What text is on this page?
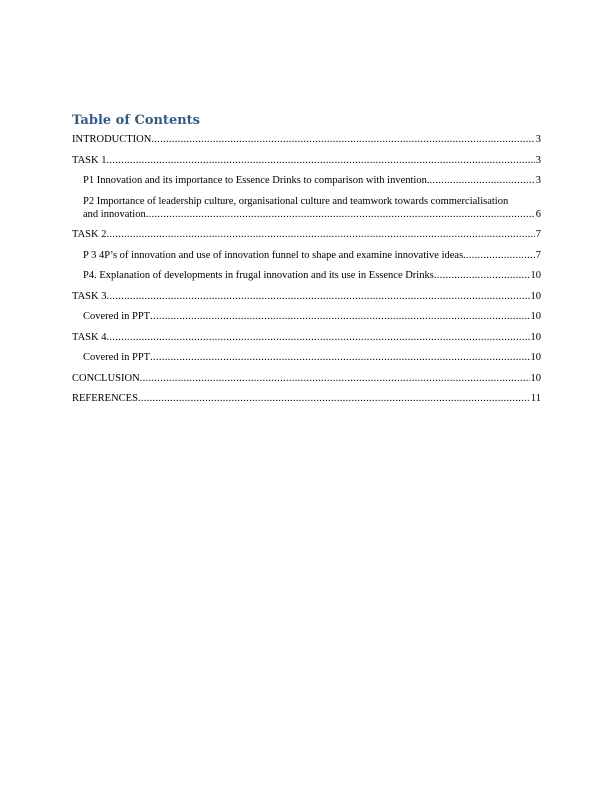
Table of Contents
INTRODUCTION .....	3
TASK 1 .....	3
P1 Innovation and its importance to Essence Drinks to comparison with invention. .....	3
P2 Importance of leadership culture, organisational culture and teamwork towards commercialisation
and innovation .....	6
TASK 2 .....	7
P 3 4P’s of innovation and use of innovation funnel to shape and examine innovative ideas. .....	7
P4. Explanation of developments in frugal innovation and its use in Essence Drinks .....	10
TASK 3 .....	10
Covered in PPT .....	10
TASK 4 .....	10
Covered in PPT .....	10
CONCLUSION .....	10
REFERENCES .....	11
